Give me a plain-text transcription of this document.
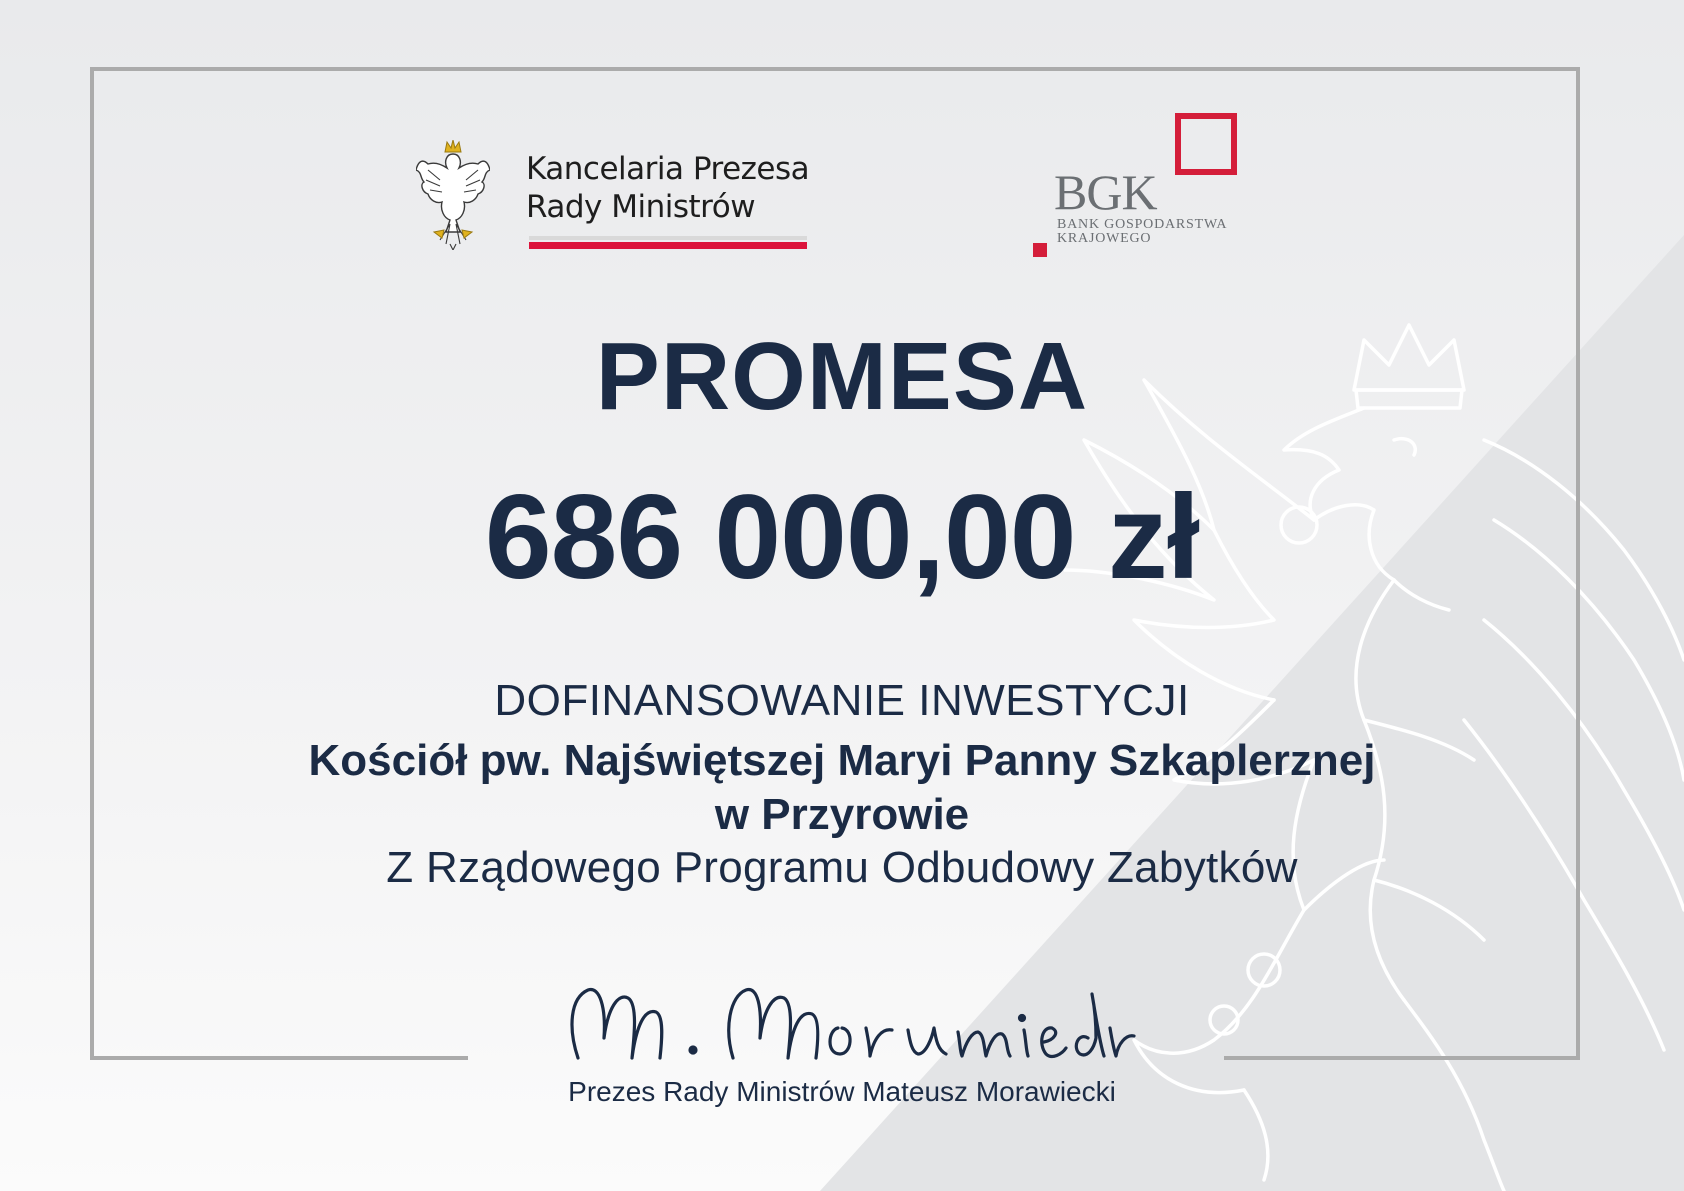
Kancelaria Prezesa
Rady Ministrów	BGK
BANK GOSPODARSTWA
KRAJOWEGO
PROMESA
686 000,00 zł
DOFINANSOWANIE INWESTYCJI
Kościół pw. Najświętszej Maryi Panny Szkaplerznej
w Przyrowie
Z Rządowego Programu Odbudowy Zabytków
Prezes Rady Ministrów Mateusz Morawiecki
